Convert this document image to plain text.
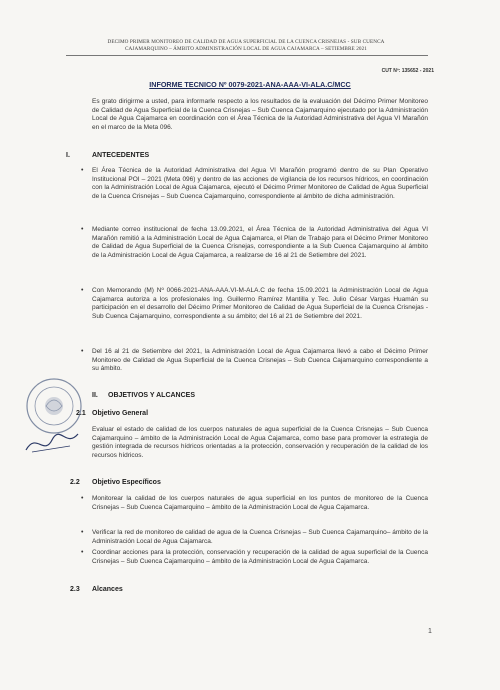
DECIMO PRIMER MONITOREO DE CALIDAD DE AGUA SUPERFICIAL DE LA CUENCA CRISNEJAS - SUB CUENCA
CAJAMARQUINO – ÁMBITO ADMINISTRACIÓN LOCAL DE AGUA CAJAMARCA – SETIEMBRE 2021
CUT Nº: 135652 - 2021
INFORME TECNICO Nº 0079-2021-ANA-AAA-VI-ALA.C/MCC
Es grato dirigirme a usted, para informarle respecto a los resultados de la evaluación del Décimo Primer Monitoreo de Calidad de Agua Superficial de la Cuenca Crisnejas – Sub Cuenca Cajamarquino ejecutado por la Administración Local de Agua Cajamarca en coordinación con el Área Técnica de la Autoridad Administrativa del Agua VI Marañón en el marco de la Meta 096.
I.	ANTECEDENTES
• El Área Técnica de la Autoridad Administrativa del Agua VI Marañón programó dentro de su Plan Operativo Institucional POI – 2021 (Meta 096) y dentro de las acciones de vigilancia de los recursos hídricos, en coordinación con la Administración Local de Agua Cajamarca, ejecutó el Décimo Primer Monitoreo de Calidad de Agua Superficial de la Cuenca Crisnejas – Sub Cuenca Cajamarquino, correspondiente al ámbito de dicha administración.
• Mediante correo institucional de fecha 13.09.2021, el Área Técnica de la Autoridad Administrativa del Agua VI Marañón remitió a la Administración Local de Agua Cajamarca, el Plan de Trabajo para el Décimo Primer Monitoreo de Calidad de Agua Superficial de la Cuenca Crisnejas, correspondiente a la Sub Cuenca Cajamarquino al ámbito de la Administración Local de Agua Cajamarca, a realizarse de 16 al 21 de Setiembre del 2021.
• Con Memorando (M) Nº 0066-2021-ANA-AAA.VI-M-ALA.C de fecha 15.09.2021 la Administración Local de Agua Cajamarca autoriza a los profesionales Ing. Guillermo Ramírez Mantilla y Tec. Julio César Vargas Huamán su participación en el desarrollo del Décimo Primer Monitoreo de Calidad de Agua Superficial de la Cuenca Crisnejas - Sub Cuenca Cajamarquino, correspondiente a su ámbito; del 16 al 21 de Setiembre del 2021.
• Del 16 al 21 de Setiembre del 2021, la Administración Local de Agua Cajamarca llevó a cabo el Décimo Primer Monitoreo de Calidad de Agua Superficial de la Cuenca Crisnejas – Sub Cuenca Cajamarquino correspondiente a su ámbito.
II.	OBJETIVOS Y ALCANCES
2.1 Objetivo General
Evaluar el estado de calidad de los cuerpos naturales de agua superficial de la Cuenca Crisnejas – Sub Cuenca Cajamarquino – ámbito de la Administración Local de Agua Cajamarca, como base para promover la estrategia de gestión integrada de recursos hídricos orientadas a la protección, conservación y recuperación de la calidad de los recursos hídricos.
2.2 Objetivo Específicos
• Monitorear la calidad de los cuerpos naturales de agua superficial en los puntos de monitoreo de la Cuenca Crisnejas – Sub Cuenca Cajamarquino – ámbito de la Administración Local de Agua Cajamarca.
• Verificar la red de monitoreo de calidad de agua de la Cuenca Crisnejas – Sub Cuenca Cajamarquino– ámbito de la Administración Local de Agua Cajamarca.
• Coordinar acciones para la protección, conservación y recuperación de la calidad de agua superficial de la Cuenca Crisnejas – Sub Cuenca Cajamarquino – ámbito de la Administración Local de Agua Cajamarca.
2.3 Alcances
1
